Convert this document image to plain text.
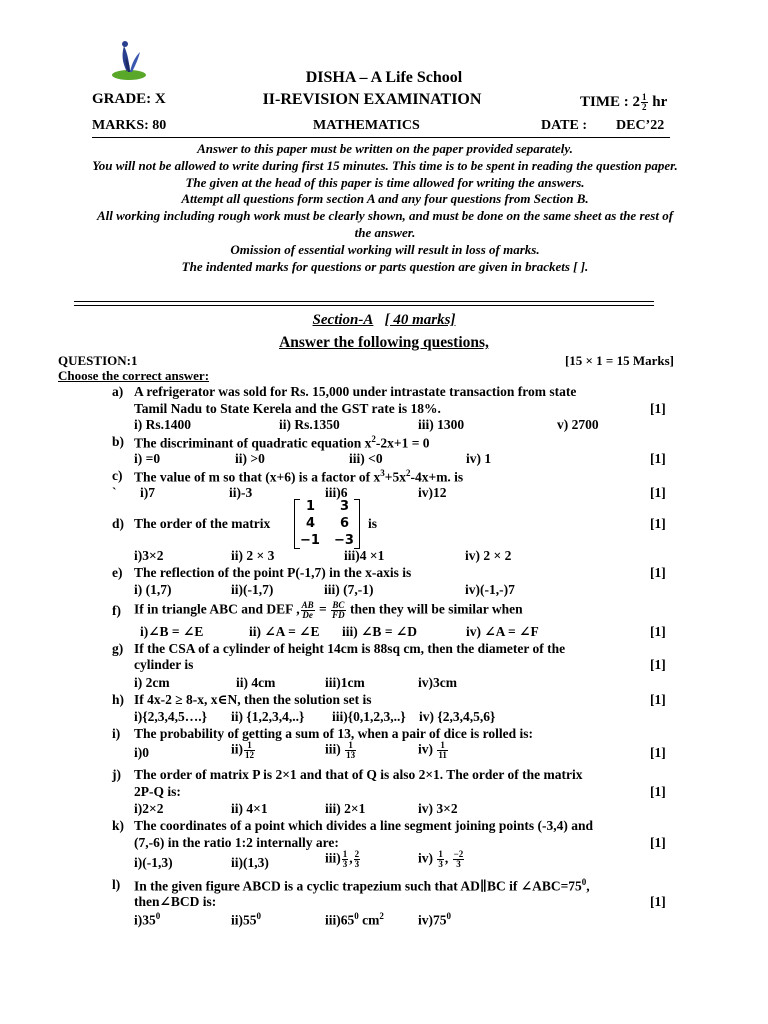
DISHA – A Life School
GRADE: X	II-REVISION EXAMINATION	TIME : $2 \frac{1}{2}$ hr
MARKS: 80	MATHEMATICS	DATE : DEC’22
Answer to this paper must be written on the paper provided separately.
You will not be allowed to write during first 15 minutes. This time is to be spent in reading the question paper.
The given at the head of this paper is time allowed for writing the answers.
Attempt all questions form section A and any four questions from Section B.
All working including rough work must be clearly shown, and must be done on the same sheet as the rest of the answer.
Omission of essential working will result in loss of marks.
The indented marks for questions or parts question are given in brackets [ ].
Section-A [ 40 marks]
Answer the following questions,
QUESTION:1	[15 × 1 = 15 Marks]
Choose the correct answer:
a) A refrigerator was sold for Rs. 15,000 under intrastate transaction from state
Tamil Nadu to State Kerela and the GST rate is 18%.	[1]
i) Rs.1400	ii) Rs.1350	iii) 1300	v) 2700
b) The discriminant of quadratic equation $x^2-2x+1 = 0$
i) =0	ii) >0	iii) <0	iv) 1	[1]
c) The value of m so that (x+6) is a factor of $x^3+5x^2-4x+m$. is
` i)7	ii)-3	iii)6	iv)12	[1]
d) The order of the matrix
1 3
4 6
−1 −3
is	[1]
i)3×2	ii) 2 × 3	iii)4 ×1	iv) 2 × 2
e) The reflection of the point P(-1,7) in the x-axis is	[1]
i) (1,7)	ii)(-1,7)	iii) (7,-1)	iv)(-1,-)7
f) If in triangle ABC and DEF , $\frac{AB}{De} = \frac{BC}{FD}$ then they will be similar when
i)∠B = ∠E	ii) ∠A = ∠E iii) ∠B = ∠D	iv) ∠A = ∠F	[1]
g) If the CSA of a cylinder of height 14cm is 88sq cm, then the diameter of the
cylinder is	[1]
i) 2cm	ii) 4cm	iii)1cm	iv)3cm
h) If 4x-2 ≥ 8-x, x∈N, then the solution set is	[1]
i){2,3,4,5….} ii) {1,2,3,4,..} iii){0,1,2,3,..} iv) {2,3,4,5,6}
i) The probability of getting a sum of 13, when a pair of dice is rolled is:
i)0	$ii) \frac{1}{12}$	$iii) \frac{1}{13}$	$iv) \frac{1}{11}$	[1]
j) The order of matrix P is 2×1 and that of Q is also 2×1. The order of the matrix
2P-Q is:	[1]
i)2×2	ii) 4×1	iii) 2×1	iv) 3×2
k) The coordinates of a point which divides a line segment joining points (-3,4) and
(7,-6) in the ratio 1:2 internally are:	[1]
i)(-1,3)	ii)(1,3)	$iii) \frac{1}{3}$ , $\frac{2}{3}$	$iv) \frac{1}{3}$ , $\frac{-2}{3}$
l) In the given figure ABCD is a cyclic trapezium such that AD∥BC if $\angle ABC=75^0$,
then∠BCD is:	[1]
$i)35^0$	$ii)55^0$	$iii)65^0$ $cm^2$	$iv)75^0$
